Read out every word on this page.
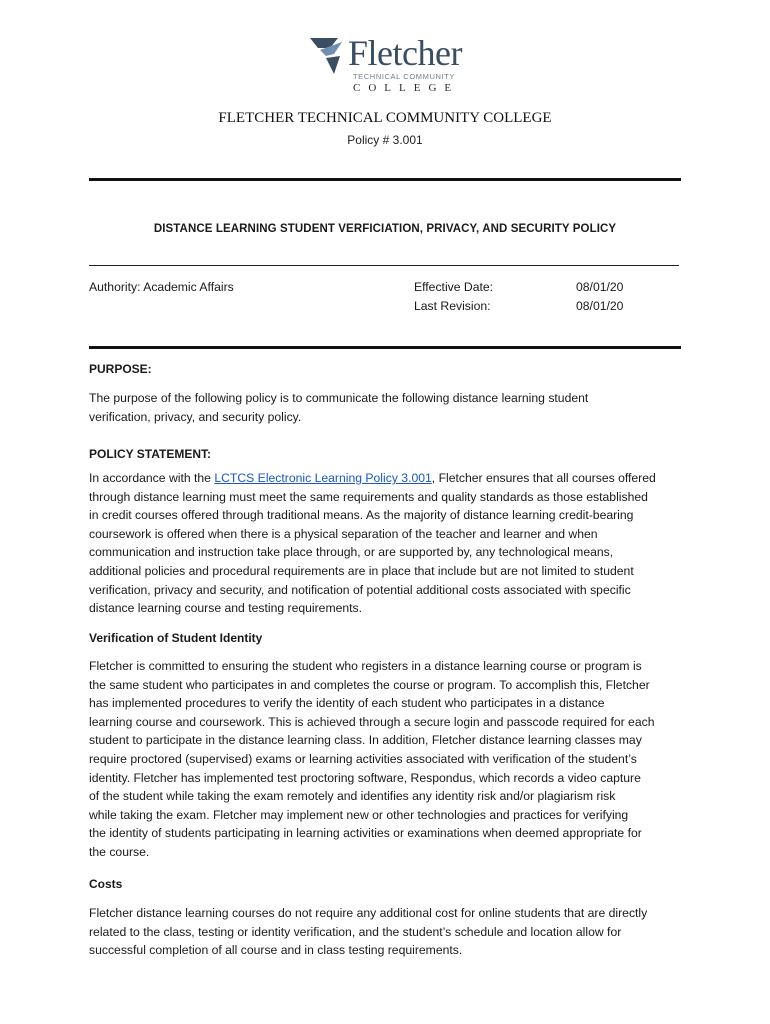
Fletcher
TECHNICAL COMMUNITY
COLLEGE
FLETCHER TECHNICAL COMMUNITY COLLEGE
Policy # 3.001
DISTANCE LEARNING STUDENT VERFICIATION, PRIVACY, AND SECURITY POLICY
Authority: Academic Affairs	Effective Date:	08/01/20
Last Revision:	08/01/20
PURPOSE:
The purpose of the following policy is to communicate the following distance learning student
verification, privacy, and security policy.
POLICY STATEMENT:
In accordance with the LCTCS Electronic Learning Policy 3.001, Fletcher ensures that all courses offered
through distance learning must meet the same requirements and quality standards as those established
in credit courses offered through traditional means. As the majority of distance learning credit-bearing
coursework is offered when there is a physical separation of the teacher and learner and when
communication and instruction take place through, or are supported by, any technological means,
additional policies and procedural requirements are in place that include but are not limited to student
verification, privacy and security, and notification of potential additional costs associated with specific
distance learning course and testing requirements.
Verification of Student Identity
Fletcher is committed to ensuring the student who registers in a distance learning course or program is
the same student who participates in and completes the course or program. To accomplish this, Fletcher
has implemented procedures to verify the identity of each student who participates in a distance
learning course and coursework. This is achieved through a secure login and passcode required for each
student to participate in the distance learning class. In addition, Fletcher distance learning classes may
require proctored (supervised) exams or learning activities associated with verification of the student’s
identity. Fletcher has implemented test proctoring software, Respondus, which records a video capture
of the student while taking the exam remotely and identifies any identity risk and/or plagiarism risk
while taking the exam. Fletcher may implement new or other technologies and practices for verifying
the identity of students participating in learning activities or examinations when deemed appropriate for
the course.
Costs
Fletcher distance learning courses do not require any additional cost for online students that are directly
related to the class, testing or identity verification, and the student’s schedule and location allow for
successful completion of all course and in class testing requirements.
